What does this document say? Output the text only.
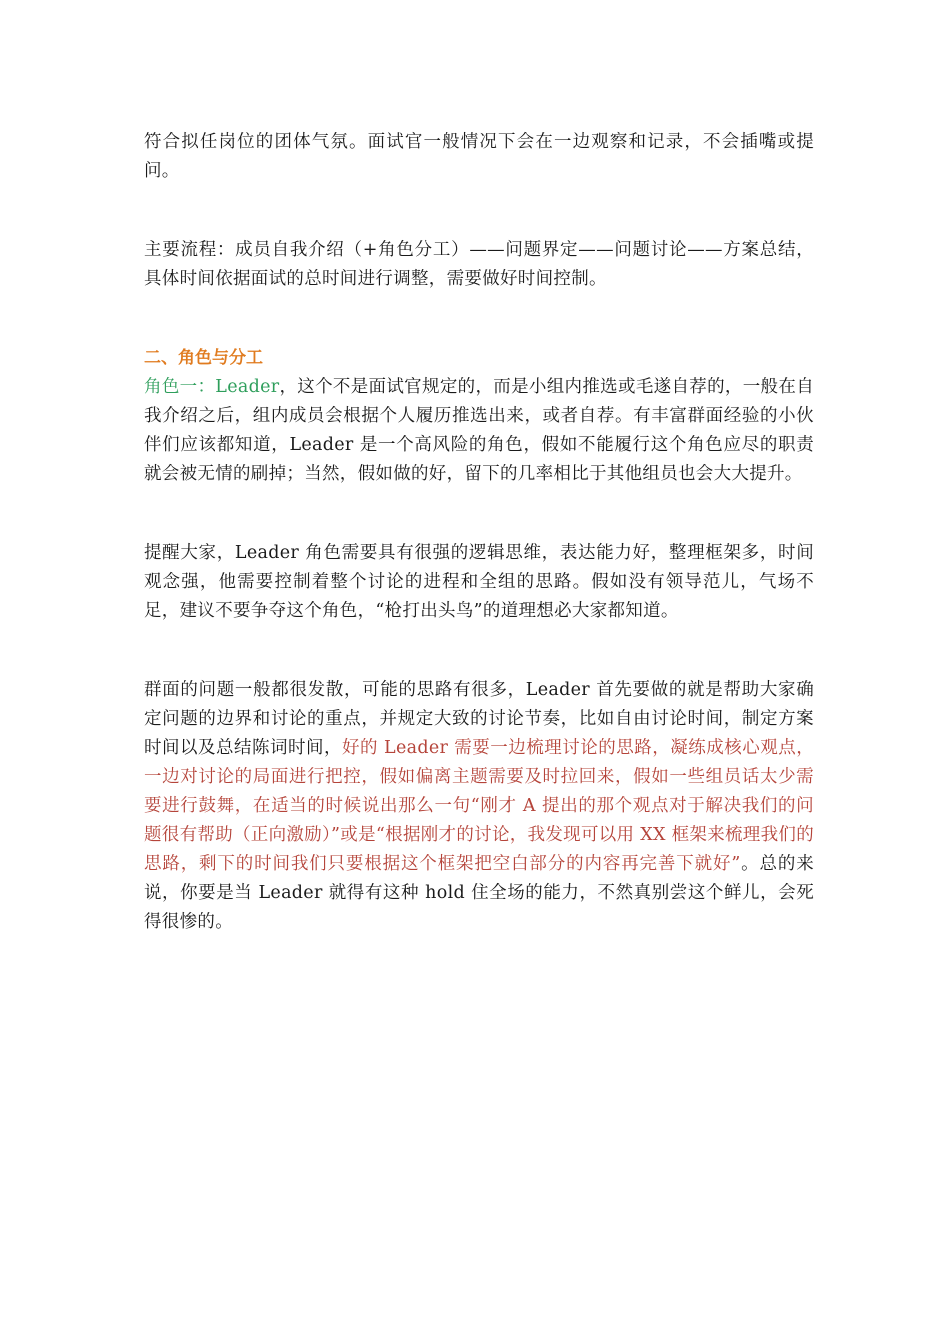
符合拟任岗位的团体气氛。面试官一般情况下会在一边观察和记录，不会插嘴或提问。

主要流程：成员自我介绍（+角色分工）——问题界定——问题讨论——方案总结，具体时间依据面试的总时间进行调整，需要做好时间控制。

二、角色与分工

角色一：Leader，这个不是面试官规定的，而是小组内推选或毛遂自荐的，一般在自我介绍之后，组内成员会根据个人履历推选出来，或者自荐。有丰富群面经验的小伙伴们应该都知道，Leader 是一个高风险的角色，假如不能履行这个角色应尽的职责就会被无情的刷掉；当然，假如做的好，留下的几率相比于其他组员也会大大提升。

提醒大家，Leader 角色需要具有很强的逻辑思维，表达能力好，整理框架多，时间观念强，他需要控制着整个讨论的进程和全组的思路。假如没有领导范儿，气场不足，建议不要争夺这个角色，“枪打出头鸟”的道理想必大家都知道。

群面的问题一般都很发散，可能的思路有很多，Leader 首先要做的就是帮助大家确定问题的边界和讨论的重点，并规定大致的讨论节奏，比如自由讨论时间，制定方案时间以及总结陈词时间，好的 Leader 需要一边梳理讨论的思路，凝练成核心观点，一边对讨论的局面进行把控，假如偏离主题需要及时拉回来，假如一些组员话太少需要进行鼓舞，在适当的时候说出那么一句“刚才 A 提出的那个观点对于解决我们的问题很有帮助（正向激励）”或是“根据刚才的讨论，我发现可以用 XX 框架来梳理我们的思路，剩下的时间我们只要根据这个框架把空白部分的内容再完善下就好”。总的来说，你要是当 Leader 就得有这种 hold 住全场的能力，不然真别尝这个鲜儿，会死得很惨的。
